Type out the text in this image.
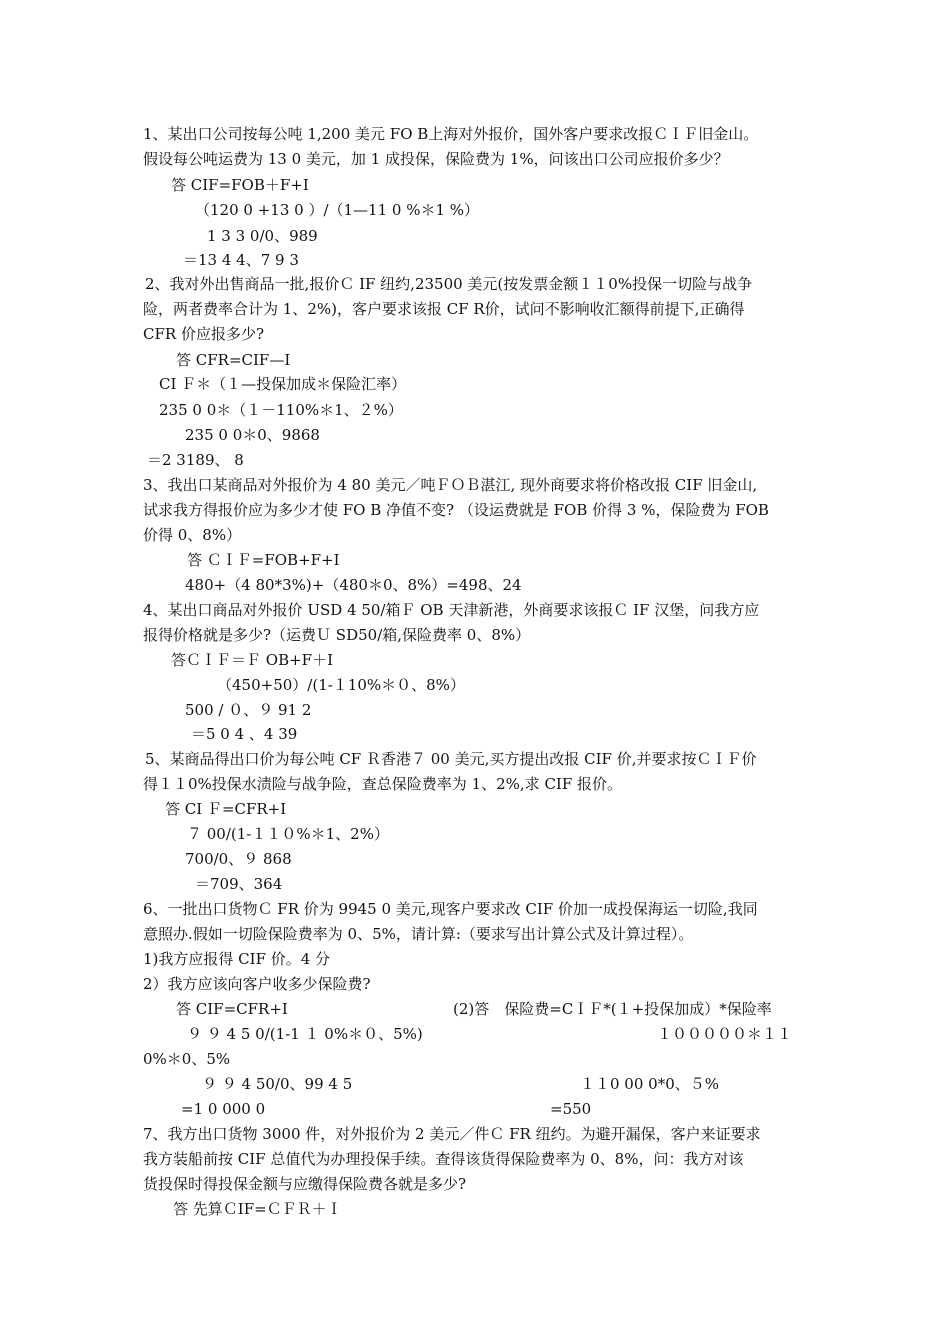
1、某出口公司按每公吨 1,200 美元 FO B上海对外报价，国外客户要求改报ＣＩＦ旧金山。
假设每公吨运费为 13 0 美元，加 1 成投保，保险费为 1%，问该出口公司应报价多少？
答 CIF=FOB＋F+I
（120 0 +13 0 ）/（1—11 0 %＊1 %）
1 3 3 0/0、989
＝13 4 4、7 9 3
2、我对外出售商品一批,报价Ｃ IF 纽约,23500 美元(按发票金额１１0%投保一切险与战争
险，两者费率合计为 1、2%)，客户要求该报 CF R价，试问不影响收汇额得前提下,正确得
CFR 价应报多少?
答 CFR=CIF—I
CI Ｆ＊（１—投保加成＊保险汇率）
235 0 0＊（１－110%＊1、２%）
235 0 0＊0、9868
＝2 3189、 8
3、我出口某商品对外报价为 4 80 美元／吨ＦＯＢ湛江, 现外商要求将价格改报 CIF 旧金山,
试求我方得报价应为多少才使 FO B 净值不变? （设运费就是 FOB 价得 3 %，保险费为 FOB
价得 0、8%）
答 ＣＩＦ=FOB+F+I
480+（4 80*3%)+（480＊0、8%）=498、24
4、某出口商品对外报价 USD 4 50/箱Ｆ OB 天津新港，外商要求该报Ｃ IF 汉堡，问我方应
报得价格就是多少?（运费Ｕ SD50/箱,保险费率 0、8%）
答ＣＩＦ＝Ｆ OB+F＋I
（450+50）/(1-１10%＊０、8%）
500 / ０、９ 91 2
＝5 0 4 、4 39
5、某商品得出口价为每公吨 CF Ｒ香港７ 00 美元,买方提出改报 CIF 价,并要求按ＣＩＦ价
得１１0%投保水渍险与战争险，查总保险费率为 1、2%,求 CIF 报价。
答 CI Ｆ=CFR+I
７ 00/(1-１１０%＊1、2%）
700/0、９ 868
＝709、364
6、一批出口货物Ｃ FR 价为 9945 0 美元,现客户要求改 CIF 价加一成投保海运一切险,我同
意照办.假如一切险保险费率为 0、5%，请计算:（要求写出计算公式及计算过程）。
1)我方应报得 CIF 价。4 分
2）我方应该向客户收多少保险费?
答 CIF=CFR+I	(2)答　保险费=CＩＦ*(１+投保加成）*保险率
９ ９ 4 5 0/(1-1 １ 0%＊０、5%)	１０００００＊１１
0%＊0、5%
９ ９ 4 50/0、99 4 5	１１0 00 0*0、５%
=1 0 000 0	=550
7、我方出口货物 3000 件，对外报价为 2 美元／件Ｃ FR 纽约。为避开漏保，客户来证要求
我方装船前按 CIF 总值代为办理投保手续。查得该货得保险费率为 0、8%，问：我方对该
货投保时得投保金额与应缴得保险费各就是多少?
答 先算ＣIF=ＣＦＲ＋Ｉ
